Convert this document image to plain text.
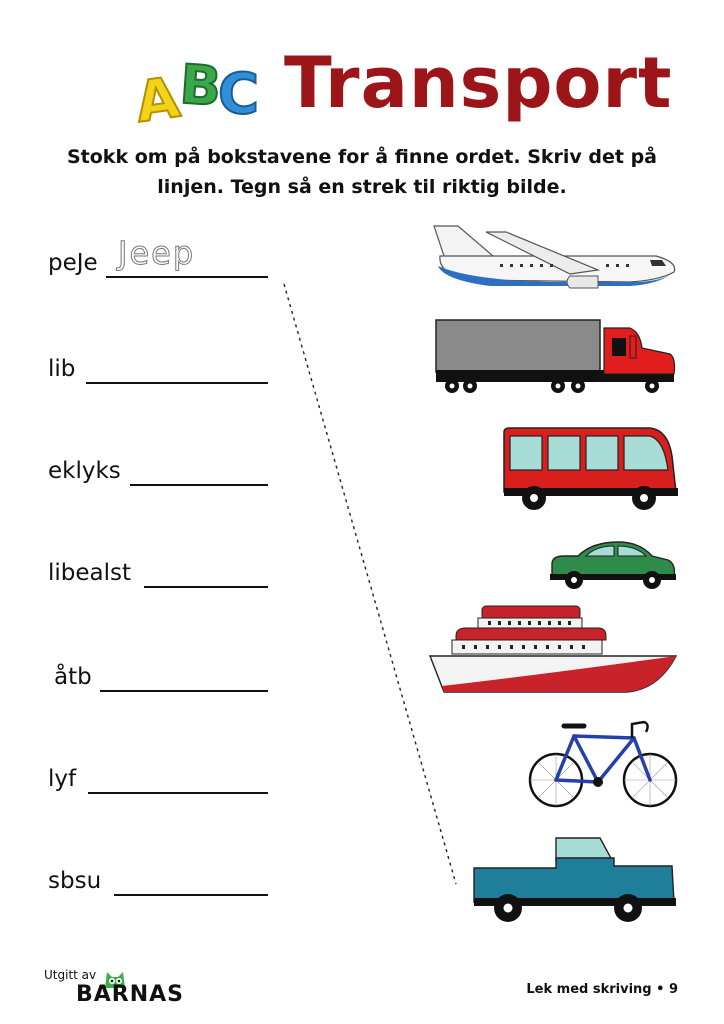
A
B
C Transport
Stokk om på bokstavene for å finne ordet. Skriv det på linjen. Tegn så en strek til riktig bilde.
peJe Jeep
lib
eklyks
libealst
åtb
lyf
sbsu
Utgitt av
BARNAS	Lek med skriving • 9
